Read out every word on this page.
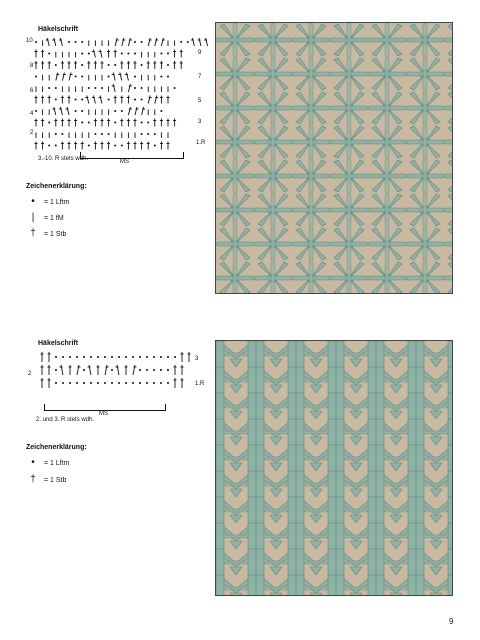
Häkelschrift
10
8
6
4
2
9
7
5
3
1.R
3.-10. R stets wdh.	MS
Zeichenerklärung:
•	= 1 Lftm
|	= 1 fM
†	= 1 Stb
Häkelschrift
2
3
1.R
MS
2. und 3. R stets wdh.
Zeichenerklärung:
•	= 1 Lftm
†	= 1 Stb
9
